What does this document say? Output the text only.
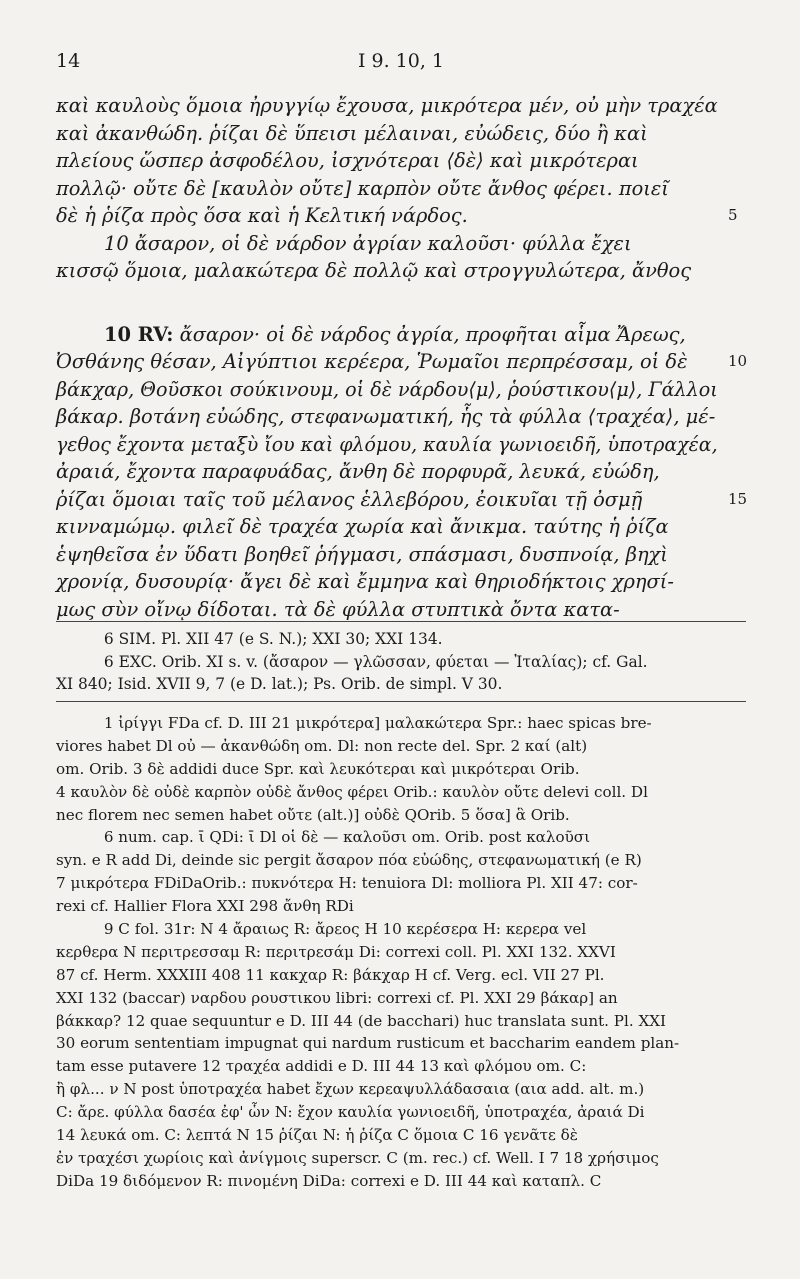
14	I 9. 10, 1
καὶ καυλοὺς ὅμοια ἠρυγγίῳ ἔχουσα, μικρότερα μέν, οὐ μὴν τραχέα
καὶ ἀκανθώδη. ῥίζαι δὲ ὕπεισι μέλαιναι, εὐώδεις, δύο ἢ καὶ
πλείους ὥσπερ ἀσφοδέλου, ἰσχνότεραι ⟨δὲ⟩ καὶ μικρότεραι
πολλῷ· οὔτε δὲ [καυλὸν οὔτε] καρπὸν οὔτε ἄνθος φέρει. ποιεῖ
δὲ ἡ ῥίζα πρὸς ὅσα καὶ ἡ Κελτική νάρδος.	5
10 ἄσαρον, οἱ δὲ νάρδον ἀγρίαν καλοῦσι· φύλλα ἔχει
κισσῷ ὅμοια, μαλακώτερα δὲ πολλῷ καὶ στρογγυλώτερα, ἄνθος
10 RV: ἄσαρον· οἱ δὲ νάρδος ἀγρία, προφῆται αἷμα Ἄρεως,
Ὀσθάνης θέσαν, Αἰγύπτιοι κερέερα, Ῥωμαῖοι περπρέσσαμ, οἱ δὲ	10
βάκχαρ, Θοῦσκοι σούκινουμ, οἱ δὲ νάρδου⟨μ⟩, ῥούστικου⟨μ⟩, Γάλλοι
βάκαρ. βοτάνη εὐώδης, στεφανωματική, ἧς τὰ φύλλα ⟨τραχέα⟩, μέ-
γεθος ἔχοντα μεταξὺ ἴου καὶ φλόμου, καυλία γωνιοειδῆ, ὑποτραχέα,
ἀραιά, ἔχοντα παραφυάδας, ἄνθη δὲ πορφυρᾶ, λευκά, εὐώδη,
ῥίζαι ὅμοιαι ταῖς τοῦ μέλανος ἑλλεβόρου, ἐοικυῖαι τῇ ὀσμῇ	15
κινναμώμῳ. φιλεῖ δὲ τραχέα χωρία καὶ ἄνικμα. ταύτης ἡ ῥίζα
ἑψηθεῖσα ἐν ὕδατι βοηθεῖ ῥήγμασι, σπάσμασι, δυσπνοίᾳ, βηχὶ
χρονίᾳ, δυσουρίᾳ· ἄγει δὲ καὶ ἔμμηνα καὶ θηριοδήκτοις χρησί-
μως σὺν οἴνῳ δίδοται. τὰ δὲ φύλλα στυπτικὰ ὄντα κατα-
6 SIM. Pl. XII 47 (e S. N.); XXI 30; XXI 134. 6 EXC. Orib. XI s. v. (ἄσαρον — γλῶσσαν, φύεται — Ἰταλίας); cf. Gal. XI 840; Isid. XVII 9, 7 (e D. lat.); Ps. Orib. de simpl. V 30.
1 ἰρίγγι FDa cf. D. III 21 μικρότερα] μαλακώτερα Spr.: haec spicas bre- viores habet Dl οὐ — ἀκανθώδη om. Dl: non recte del. Spr. 2 καί (alt) om. Orib. 3 δὲ addidi duce Spr. καὶ λευκότεραι καὶ μικρότεραι Orib. 4 καυλὸν δὲ οὐδὲ καρπὸν οὐδὲ ἄνθος φέρει Orib.: καυλὸν οὔτε delevi coll. Dl nec florem nec semen habet οὔτε (alt.)] οὐδὲ QOrib. 5 ὅσα] ἃ Orib. 6 num. cap. ῑ QDi: ῑ Dl οἱ δὲ — καλοῦσι om. Orib. post καλοῦσι syn. e R add Di, deinde sic pergit ἄσαρον πόα εὐώδης, στεφανωματική (e R) 7 μικρότερα FDiDaOrib.: πυκνότερα H: tenuiora Dl: molliora Pl. XII 47: cor- rexi cf. Hallier Flora XXI 298 ἄνθη RDi 9 C fol. 31r: N 4 ἄραιως R: ἄρεος H 10 κερέσερα H: κερερα vel κερθερα N περιτρεσσαμ R: περιτρεσάμ Di: correxi coll. Pl. XXI 132. XXVI 87 cf. Herm. XXXIII 408 11 κακχαρ R: βάκχαρ H cf. Verg. ecl. VII 27 Pl. XXI 132 (baccar) ναρδου ρουστικου libri: correxi cf. Pl. XXI 29 βάκαρ] an βάκκαρ? 12 quae sequuntur e D. III 44 (de bacchari) huc translata sunt. Pl. XXI 30 eorum sententiam impugnat qui nardum rusticum et baccharim eandem plan- tam esse putavere 12 τραχέα addidi e D. III 44 13 καὶ φλόμου om. C: ἢ φλ... ν N post ὑποτραχέα habet ἔχων κερεαψυλλάδασαια (αια add. alt. m.) C: ἄρε. φύλλα δασέα ἐφ' ὧν N: ἔχον καυλία γωνιοειδῆ, ὑποτραχέα, ἀραιά Di 14 λευκά om. C: λεπτά N 15 ῥίζαι N: ἡ ῥίζα C ὅμοια C 16 γενᾶτε δὲ ἐν τραχέσι χωρίοις καὶ ἀνίγμοις superscr. C (m. rec.) cf. Well. I 7 18 χρήσιμος DiDa 19 διδόμενον R: πινομένη DiDa: correxi e D. III 44 καὶ καταπλ. C
